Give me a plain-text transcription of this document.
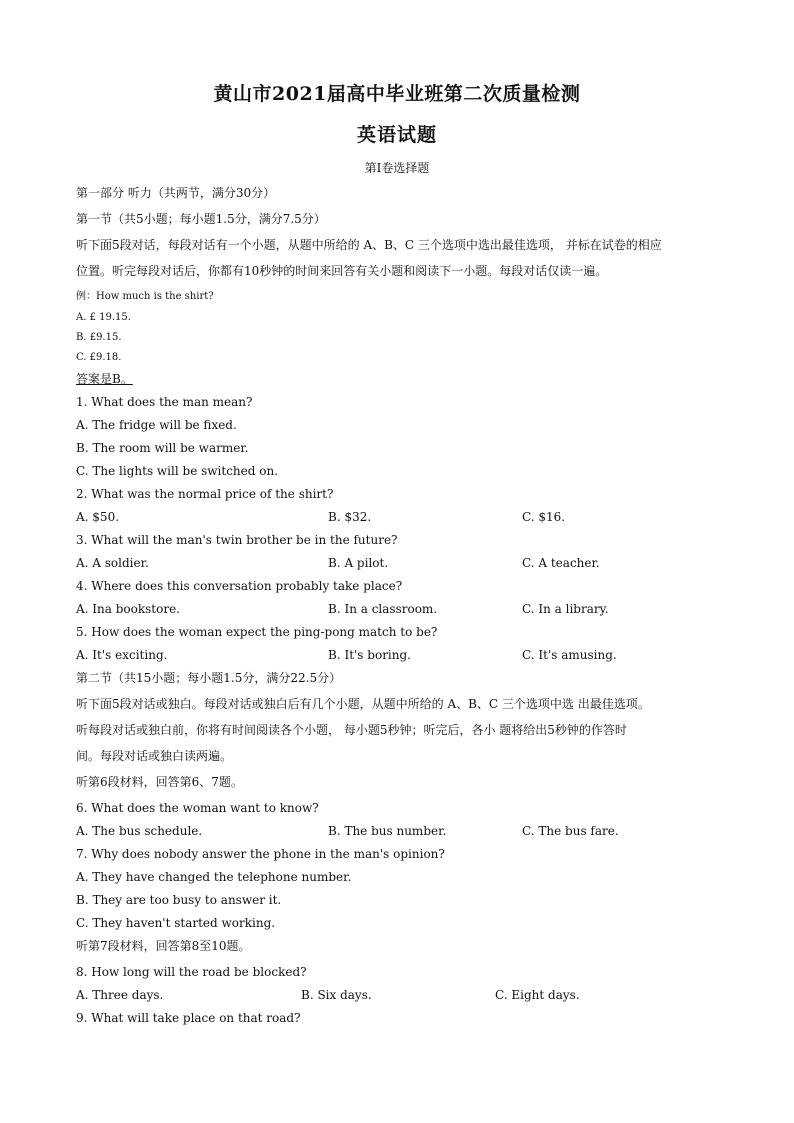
黄山市2021届高中毕业班第二次质量检测
英语试题

第I卷选择题

第一部分 听力（共两节，满分30分）

第一节（共5小题；每小题1.5分，满分7.5分）

听下面5段对话，每段对话有一个小题，从题中所给的 A、B、C 三个选项中选出最佳选项， 并标在试卷的相应

位置。听完每段对话后，你都有10秒钟的时间来回答有关小题和阅读下一小题。每段对话仅读一遍。

例：How much is the shirt?

A. £ 19.15.

B. £9.15.

C. £9.18.

答案是B。

1. What does the man mean?

A. The fridge will be fixed.

B. The room will be warmer.

C. The lights will be switched on.

2. What was the normal price of the shirt?

A. $50.	B. $32.	C. $16.

3. What will the man's twin brother be in the future?

A. A soldier.	B. A pilot.	C. A teacher.

4. Where does this conversation probably take place?

A. Ina bookstore.	B. In a classroom.	C. In a library.

5. How does the woman expect the ping-pong match to be?

A. It's exciting.	B. It's boring.	C. It's amusing.

第二节（共15小题；每小题1.5分，满分22.5分）

听下面5段对话或独白。每段对话或独白后有几个小题，从题中所给的 A、B、C 三个选项中选 出最佳选项。

听每段对话或独白前，你将有时间阅读各个小题， 每小题5秒钟；听完后，各小 题将给出5秒钟的作答时

间。每段对话或独白读两遍。

听第6段材料，回答第6、7题。

6. What does the woman want to know?

A. The bus schedule.	B. The bus number.	C. The bus fare.

7. Why does nobody answer the phone in the man's opinion?

A. They have changed the telephone number.

B. They are too busy to answer it.

C. They haven't started working.

听第7段材料，回答第8至10题。

8. How long will the road be blocked?

A. Three days.	B. Six days.	C. Eight days.

9. What will take place on that road?
